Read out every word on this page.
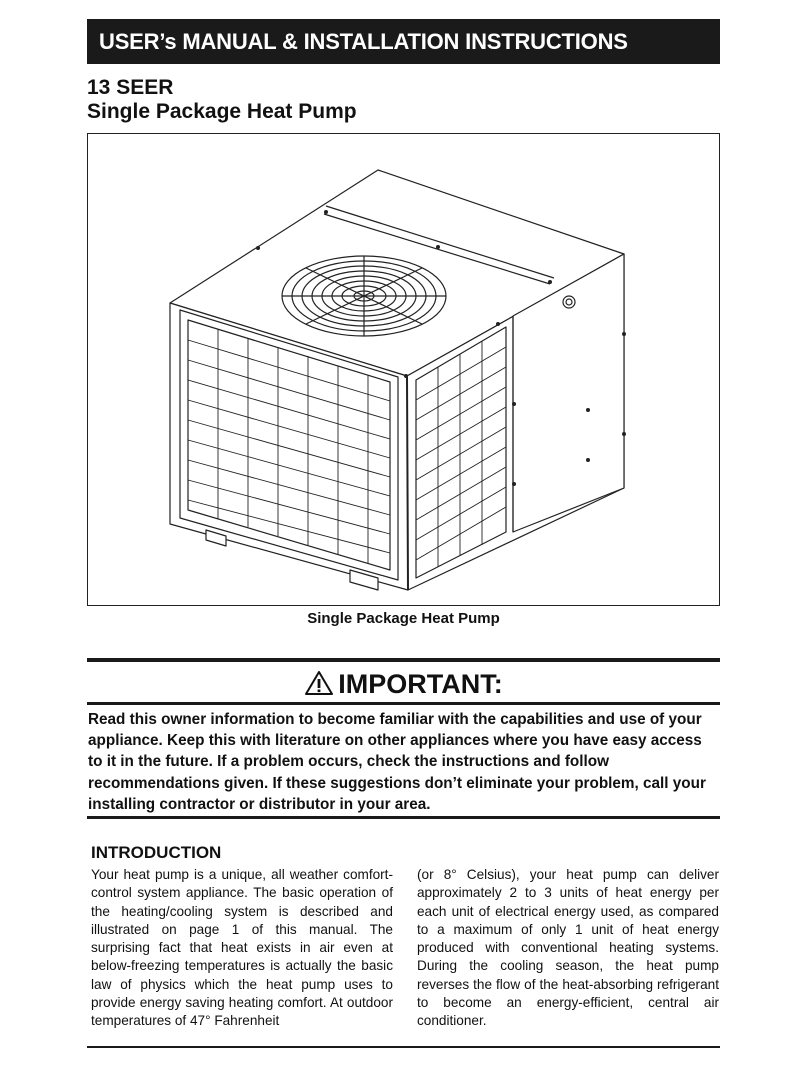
USER’s MANUAL & INSTALLATION INSTRUCTIONS
13 SEER
Single Package Heat Pump
Single Package Heat Pump
IMPORTANT:
Read this owner information to become familiar with the capabilities and use of your appliance. Keep this with literature on other appliances where you have easy access to it in the future. If a problem occurs, check the instructions and follow recommendations given. If these suggestions don’t eliminate your problem, call your installing contractor or distributor in your area.
INTRODUCTION
Your heat pump is a unique, all weather comfort-control system appliance. The basic operation of the heating/cooling system is described and illustrated on page 1 of this manual. The surprising fact that heat exists in air even at below-freezing temperatures is actually the basic law of physics which the heat pump uses to provide energy saving heating comfort. At outdoor temperatures of 47° Fahrenheit
(or 8° Celsius), your heat pump can deliver approximately 2 to 3 units of heat energy per each unit of electrical energy used, as compared to a maximum of only 1 unit of heat energy produced with conventional heating systems. During the cooling season, the heat pump reverses the flow of the heat-absorbing refrigerant to become an energy-efficient, central air conditioner.
